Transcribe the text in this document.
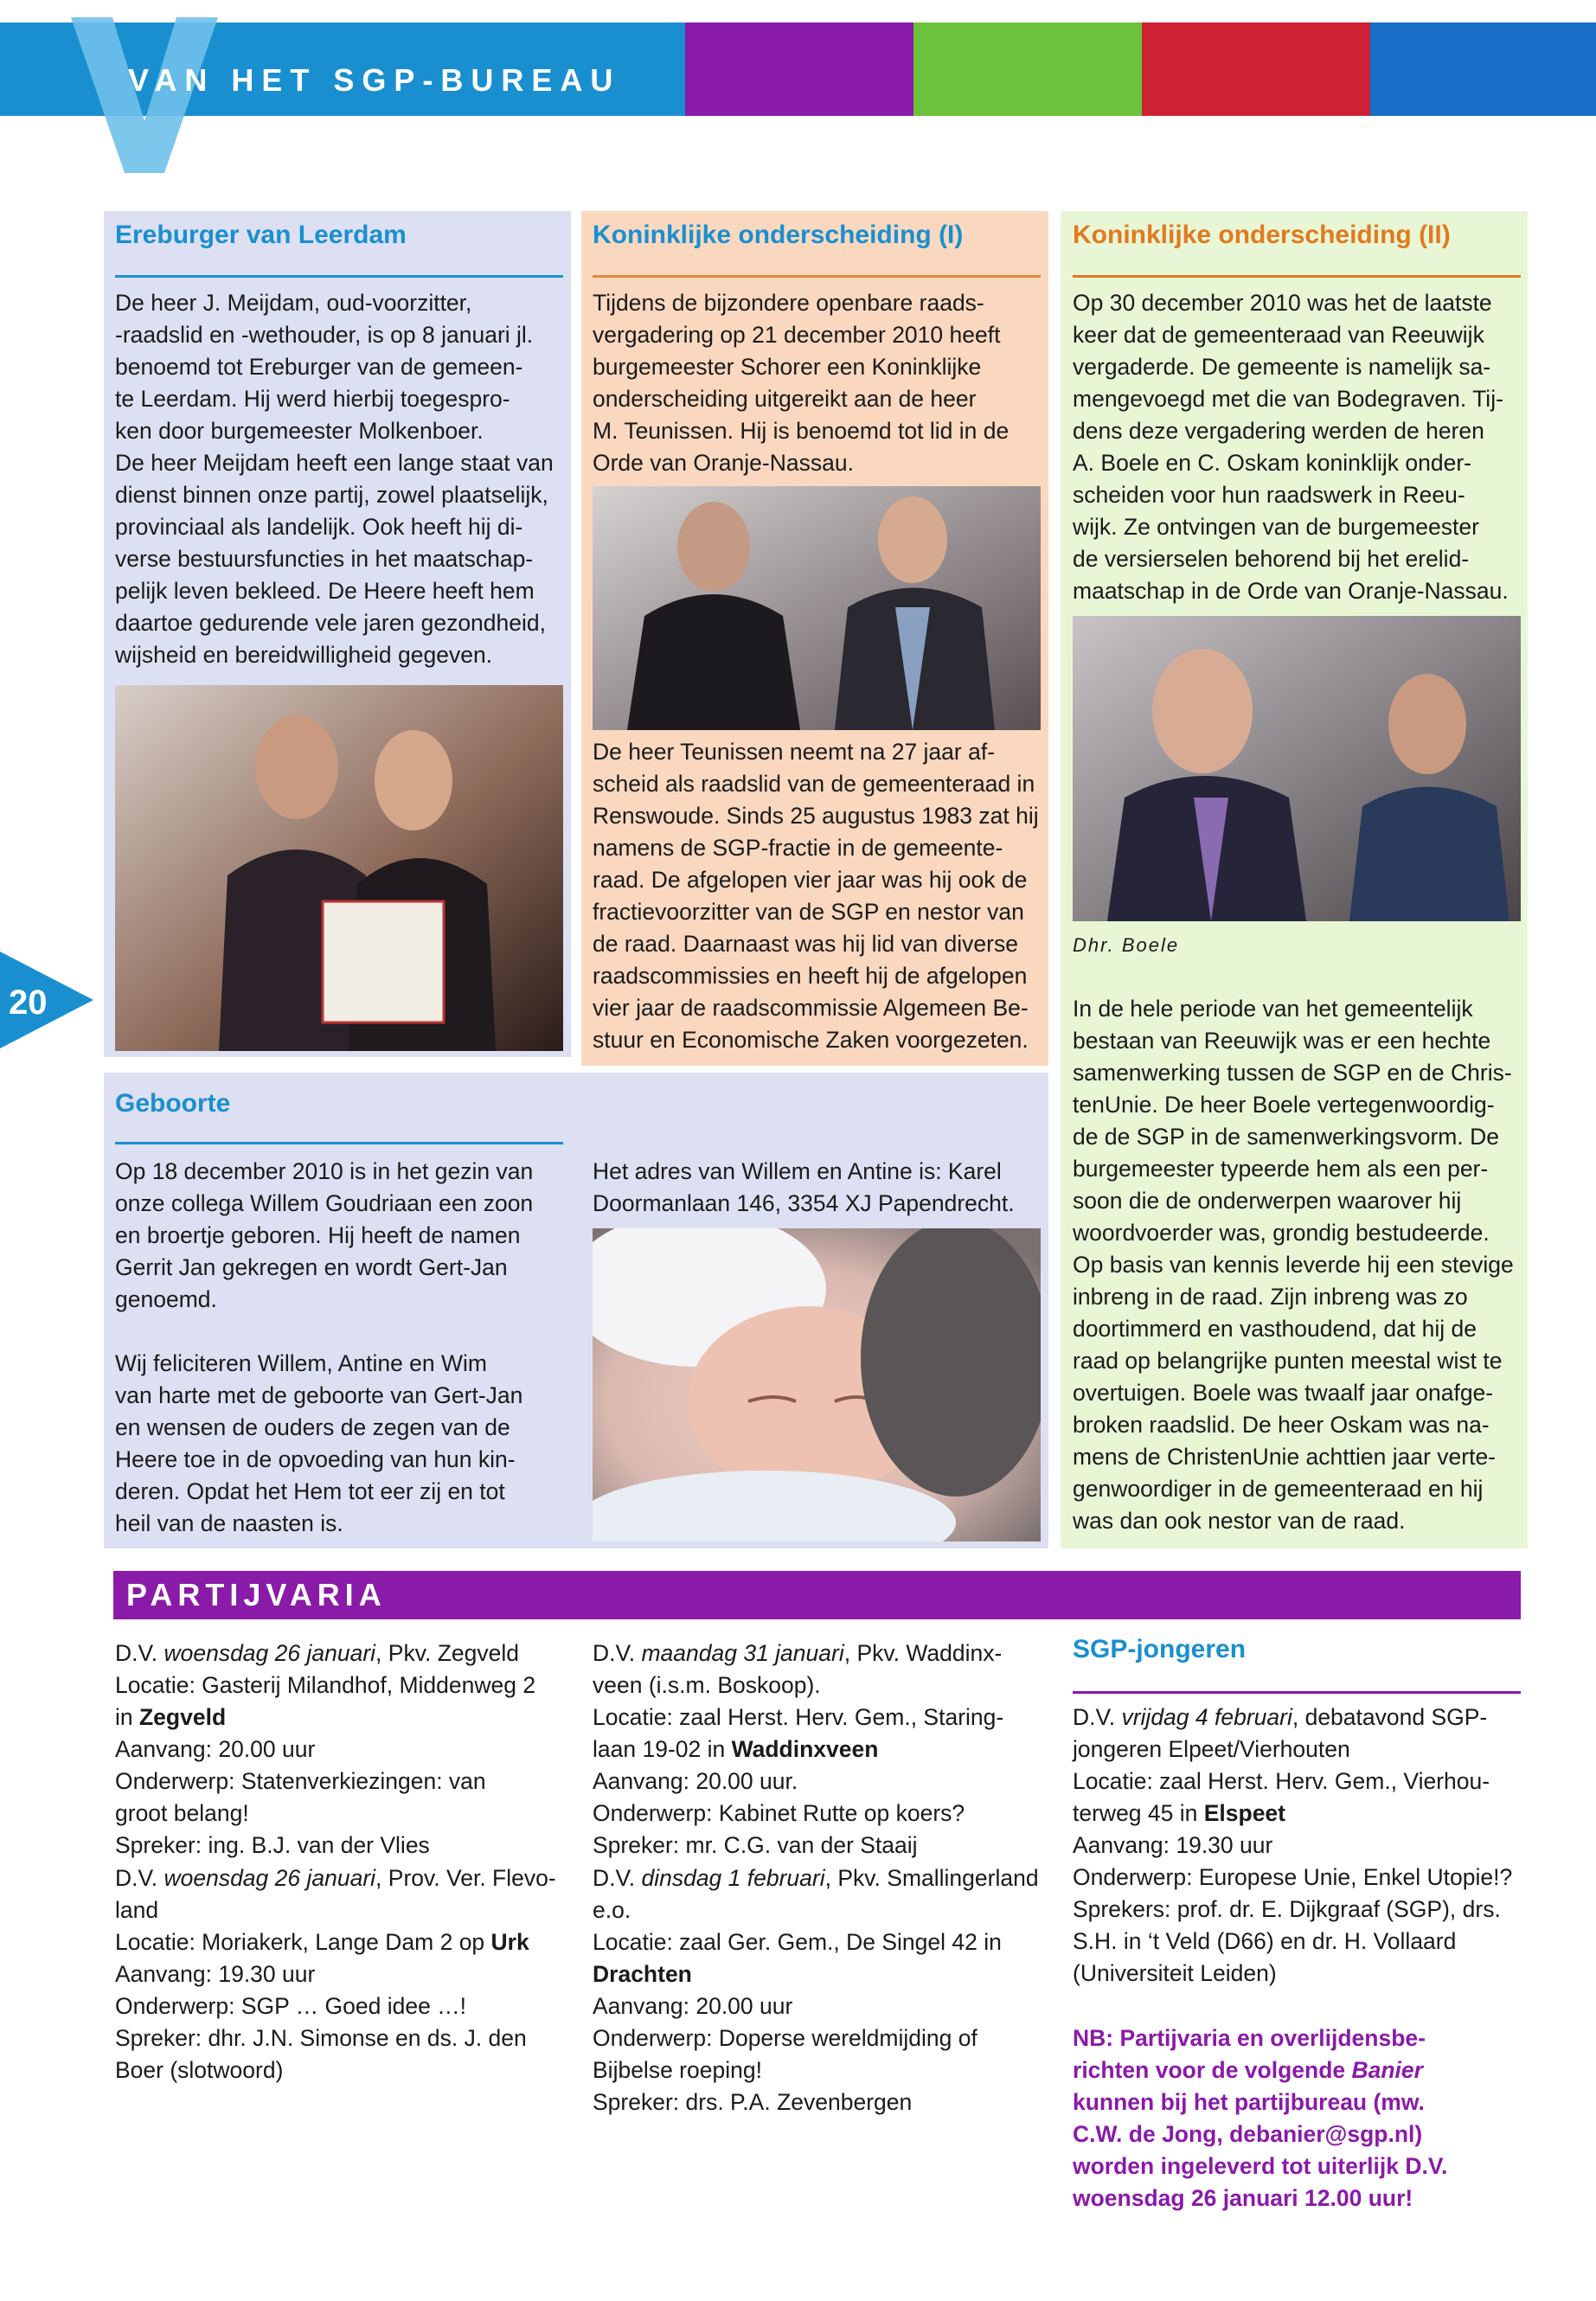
VAN HET SGP-BUREAU
20
Ereburger van Leerdam
De heer J. Meijdam, oud-voorzitter,
-raadslid en -wethouder, is op 8 januari jl.
benoemd tot Ereburger van de gemeen-
te Leerdam. Hij werd hierbij toegespro-
ken door burgemeester Molkenboer.
De heer Meijdam heeft een lange staat van
dienst binnen onze partij, zowel plaatselijk,
provinciaal als landelijk. Ook heeft hij di-
verse bestuursfuncties in het maatschap-
pelijk leven bekleed. De Heere heeft hem
daartoe gedurende vele jaren gezondheid,
wijsheid en bereidwilligheid gegeven.
Koninklijke onderscheiding (I)
Tijdens de bijzondere openbare raads-
vergadering op 21 december 2010 heeft
burgemeester Schorer een Koninklijke
onderscheiding uitgereikt aan de heer
M. Teunissen. Hij is benoemd tot lid in de
Orde van Oranje-Nassau.
De heer Teunissen neemt na 27 jaar af-
scheid als raadslid van de gemeenteraad in
Renswoude. Sinds 25 augustus 1983 zat hij
namens de SGP-fractie in de gemeente-
raad. De afgelopen vier jaar was hij ook de
fractievoorzitter van de SGP en nestor van
de raad. Daarnaast was hij lid van diverse
raadscommissies en heeft hij de afgelopen
vier jaar de raadscommissie Algemeen Be-
stuur en Economische Zaken voorgezeten.
Koninklijke onderscheiding (II)
Op 30 december 2010 was het de laatste
keer dat de gemeenteraad van Reeuwijk
vergaderde. De gemeente is namelijk sa-
mengevoegd met die van Bodegraven. Tij-
dens deze vergadering werden de heren
A. Boele en C. Oskam koninklijk onder-
scheiden voor hun raadswerk in Reeu-
wijk. Ze ontvingen van de burgemeester
de versierselen behorend bij het erelid-
maatschap in de Orde van Oranje-Nassau.
Dhr. Boele
In de hele periode van het gemeentelijk
bestaan van Reeuwijk was er een hechte
samenwerking tussen de SGP en de Chris-
tenUnie. De heer Boele vertegenwoordig-
de de SGP in de samenwerkingsvorm. De
burgemeester typeerde hem als een per-
soon die de onderwerpen waarover hij
woordvoerder was, grondig bestudeerde.
Op basis van kennis leverde hij een stevige
inbreng in de raad. Zijn inbreng was zo
doortimmerd en vasthoudend, dat hij de
raad op belangrijke punten meestal wist te
overtuigen. Boele was twaalf jaar onafge-
broken raadslid. De heer Oskam was na-
mens de ChristenUnie achttien jaar verte-
genwoordiger in de gemeenteraad en hij
was dan ook nestor van de raad.
Geboorte
Op 18 december 2010 is in het gezin van
onze collega Willem Goudriaan een zoon
en broertje geboren. Hij heeft de namen
Gerrit Jan gekregen en wordt Gert-Jan
genoemd.
Wij feliciteren Willem, Antine en Wim
van harte met de geboorte van Gert-Jan
en wensen de ouders de zegen van de
Heere toe in de opvoeding van hun kin-
deren. Opdat het Hem tot eer zij en tot
heil van de naasten is.
Het adres van Willem en Antine is: Karel
Doormanlaan 146, 3354 XJ Papendrecht.
PARTIJVARIA
D.V. woensdag 26 januari, Pkv. Zegveld
Locatie: Gasterij Milandhof, Middenweg 2
in Zegveld
Aanvang: 20.00 uur
Onderwerp: Statenverkiezingen: van
groot belang!
Spreker: ing. B.J. van der Vlies
D.V. woensdag 26 januari, Prov. Ver. Flevo-
land
Locatie: Moriakerk, Lange Dam 2 op Urk
Aanvang: 19.30 uur
Onderwerp: SGP … Goed idee …!
Spreker: dhr. J.N. Simonse en ds. J. den
Boer (slotwoord)
D.V. maandag 31 januari, Pkv. Waddinx-
veen (i.s.m. Boskoop).
Locatie: zaal Herst. Herv. Gem., Staring-
laan 19-02 in Waddinxveen
Aanvang: 20.00 uur.
Onderwerp: Kabinet Rutte op koers?
Spreker: mr. C.G. van der Staaij
D.V. dinsdag 1 februari, Pkv. Smallingerland
e.o.
Locatie: zaal Ger. Gem., De Singel 42 in
Drachten
Aanvang: 20.00 uur
Onderwerp: Doperse wereldmijding of
Bijbelse roeping!
Spreker: drs. P.A. Zevenbergen
SGP-jongeren
D.V. vrijdag 4 februari, debatavond SGP-
jongeren Elpeet/Vierhouten
Locatie: zaal Herst. Herv. Gem., Vierhou-
terweg 45 in Elspeet
Aanvang: 19.30 uur
Onderwerp: Europese Unie, Enkel Utopie!?
Sprekers: prof. dr. E. Dijkgraaf (SGP), drs.
S.H. in ‘t Veld (D66) en dr. H. Vollaard
(Universiteit Leiden)
NB: Partijvaria en overlijdensbe-
richten voor de volgende Banier
kunnen bij het partijbureau (mw.
C.W. de Jong, debanier@sgp.nl)
worden ingeleverd tot uiterlijk D.V.
woensdag 26 januari 12.00 uur!
